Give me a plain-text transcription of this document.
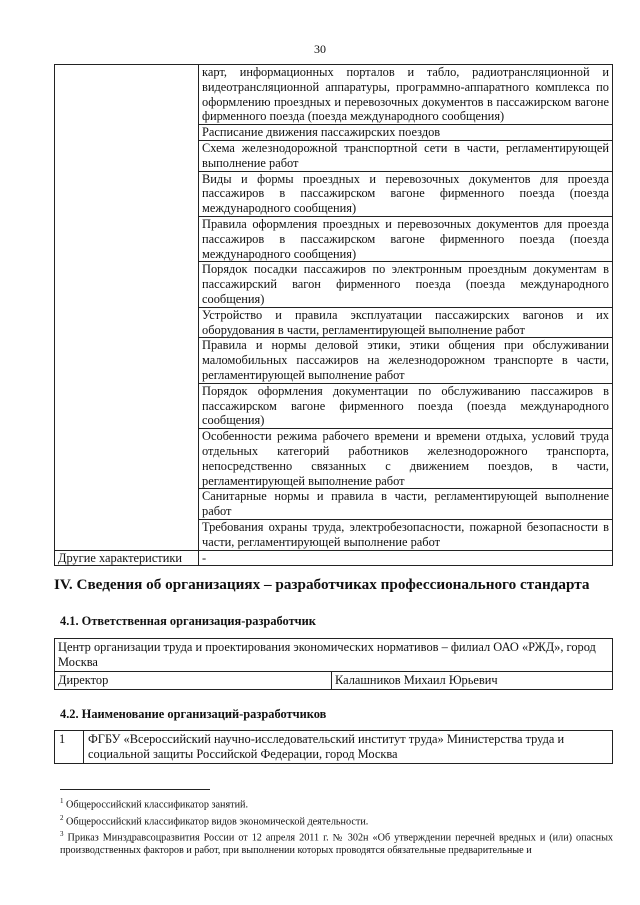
30
	карт, информационных порталов и табло, радиотрансляционной и видеотрансляционной аппаратуры, программно-аппаратного комплекса по оформлению проездных и перевозочных документов в пассажирском вагоне фирменного поезда (поезда международного сообщения)
	Расписание движения пассажирских поездов
	Схема железнодорожной транспортной сети в части, регламентирующей выполнение работ
	Виды и формы проездных и перевозочных документов для проезда пассажиров в пассажирском вагоне фирменного поезда (поезда международного сообщения)
	Правила оформления проездных и перевозочных документов для проезда пассажиров в пассажирском вагоне фирменного поезда (поезда международного сообщения)
	Порядок посадки пассажиров по электронным проездным документам в пассажирский вагон фирменного поезда (поезда международного сообщения)
	Устройство и правила эксплуатации пассажирских вагонов и их оборудования в части, регламентирующей выполнение работ
	Правила и нормы деловой этики, этики общения при обслуживании маломобильных пассажиров на железнодорожном транспорте в части, регламентирующей выполнение работ
	Порядок оформления документации по обслуживанию пассажиров в пассажирском вагоне фирменного поезда (поезда международного сообщения)
	Особенности режима рабочего времени и времени отдыха, условий труда отдельных категорий работников железнодорожного транспорта, непосредственно связанных с движением поездов, в части, регламентирующей выполнение работ
	Санитарные нормы и правила в части, регламентирующей выполнение работ
	Требования охраны труда, электробезопасности, пожарной безопасности в части, регламентирующей выполнение работ
Другие характеристики	-
IV. Сведения об организациях – разработчиках профессионального стандарта
4.1. Ответственная организация-разработчик
Центр организации труда и проектирования экономических нормативов – филиал ОАО «РЖД», город Москва
Директор	Калашников Михаил Юрьевич
4.2. Наименование организаций-разработчиков
1	ФГБУ «Всероссийский научно-исследовательский институт труда» Министерства труда и социальной защиты Российской Федерации, город Москва

$^1$ Общероссийский классификатор занятий.

$^2$ Общероссийский классификатор видов экономической деятельности.

$^3$ Приказ Минздравсоцразвития России от 12 апреля 2011 г. № 302н «Об утверждении перечней вредных и (или) опасных производственных факторов и работ, при выполнении которых проводятся обязательные предварительные и
